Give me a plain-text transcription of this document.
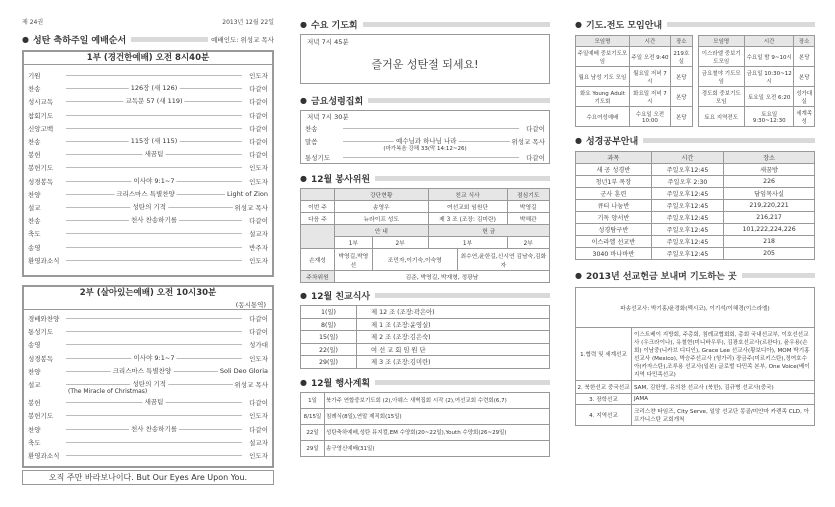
제 24권	2013년 12월 22일
● 성탄 축하주일 예배순서	예배인도: 위성교 목사
1부 (경건한예배) 오전 8시40분
기원	인도자
찬송	126장 (새 126)	다같이
성시교독	교독문 57 (새 119)	다같이
참회기도	다같이
신앙고백	다같이
찬송	115장 (새 115)	다같이
봉헌	새꿈팀	다같이
봉헌기도	인도자
성경봉독	이사야 9:1~7	인도자
찬양	크리스마스 특별찬양	Light of Zion
설교	성탄의 기적	위성교 목사
찬송	천사 찬송하기를	다같이
축도	설교자
송영	반주자
환영과소식	인도자
2부 (살아있는예배) 오전 10시30분
(동시통역)
경배와찬양	다같이
통성기도	다같이
송영	성가대
성경봉독	이사야 9:1~7	인도자
찬양	크리스마스 특별찬양	Soli Deo Gloria
설교	성탄의 기적	위성교 목사
(The Miracle of Christmas)
봉헌	새꿈팀	다같이
봉헌기도	인도자
찬양	천사 찬송하기를	다같이
축도	설교자
환영과소식	인도자
오직 주만 바라보나이다. But Our Eyes Are Upon You.
● 수요 기도회
저녁 7시 45분
즐거운 성탄절 되세요!
● 금요성령집회
저녁 7시 30분
찬송	다같이
말씀	예수님과 하나님 나라	위성교 목사
(마가복음 강해 33(막 14:12~26)
통성기도	다같이
● 12월 봉사위원
	강단현황		친교 식사		점심기도
이번 주	송영우		여선교회 임원단		박영길
다음 주	뉴라이프 성도		제 3 조 (조장: 김미란)		박해관
	안 내		헌 금		
	1부	2부	1부		2부
손재성	박영길,박영선	조민자,이기숙,이숙영		최수연,윤한길,신시연 김남숙,김화자	
주차위원	김준, 박영길, 박재형, 정광남				
● 12월 친교식사
1(일)	제 12 조 (조장:곽은아)
8(일)	제 1 조 (조장:윤영실)
15(일)	제 2 조 (조장:김은숙)
22(일)	여 선 교 회 임 원 단
29(일)	제 3 조 (조장:김미란)
● 12월 행사계획
1일	북가주 연합중보기도회 (2),아웨스 새벽집회 시작 (2),여선교회 수련회(6,7)
8/15일	침례식(8일),연말 제직회(15일)
22일	성탄축하예배,성탄 뮤지컬,EM 수양회(20~22일),Youth 수양회(26~29일)
29일	송구영신예배(31일)
● 기도.전도 모임안내
모임명	시간	장소
주일예배 중보기도모임	주일 오전 9:40	219호실
월요 남성 기도 모임	월요일 저녁 7시	본당
화요 Young Adult 기도회	화요일 저녁 7시	본당
수요여성예배	수요일 오전 10:00	본당
모임명	시간	장소
이스라엘 중보기도모임	수요일 밤 9~10시	본당
금요철야 기도모임	금요일 10:30~12시	본당
경도회 중보기도모임	토요일 오전 6:20	성가대실
토요 지역전도	토요일 9:30~12:30	세계족성
● 성경공부안내
과목	시간	장소
새 공 성경반	주일오후12:45	새꿈방
청년1부 목장	주일오후 2:30	226
군사 훈련	주일오후12:45	담임목사실
큐티 나눔반	주일오후12:45	219,220,221
기독 양서반	주일오후12:45	216,217
성경탐구반	주일오후12:45	101,222,224,226
이스라엘 선교반	주일오후12:45	218
3040 바나바반	주일오후12:45	205
● 2013년 선교헌금 보내며 기도하는 곳
파송선교사: 박기홍/윤경화(멕시코), 이기석/이혜경(이스라엘)	
1.협력 및 세계선교	이스트베이 지방회, 주총회, 침례교협회회, 총회 국내선교부, 이호선선교사 (우크라이나), 유철현(미니바우루), 김광호선교사(르완다), 윤우용(손회) 이남중(니카브 디디인), Grace Lee 선교사(황보디아), MOM 박기홍선교사 (Mexico), 박승주선교사 (헝가리) 장금주(미르키스탄),정여호수아(카자스탄),조루용 선교사(일본) 글로벌 다민족 본부, One Voice(베이지역 다민족선교)
2. 북한선교 중국선교	SAM, 김한영, 유의찬 선교사 (북한), 김규병 선교사(중국)
3. 장학선교	JAMA
4. 지역선교	크리스챤 타임즈, City Serve, 일앙 선교단 몽골/미얀마 카렌족 CLD, 아프가니스탄 교회개척
